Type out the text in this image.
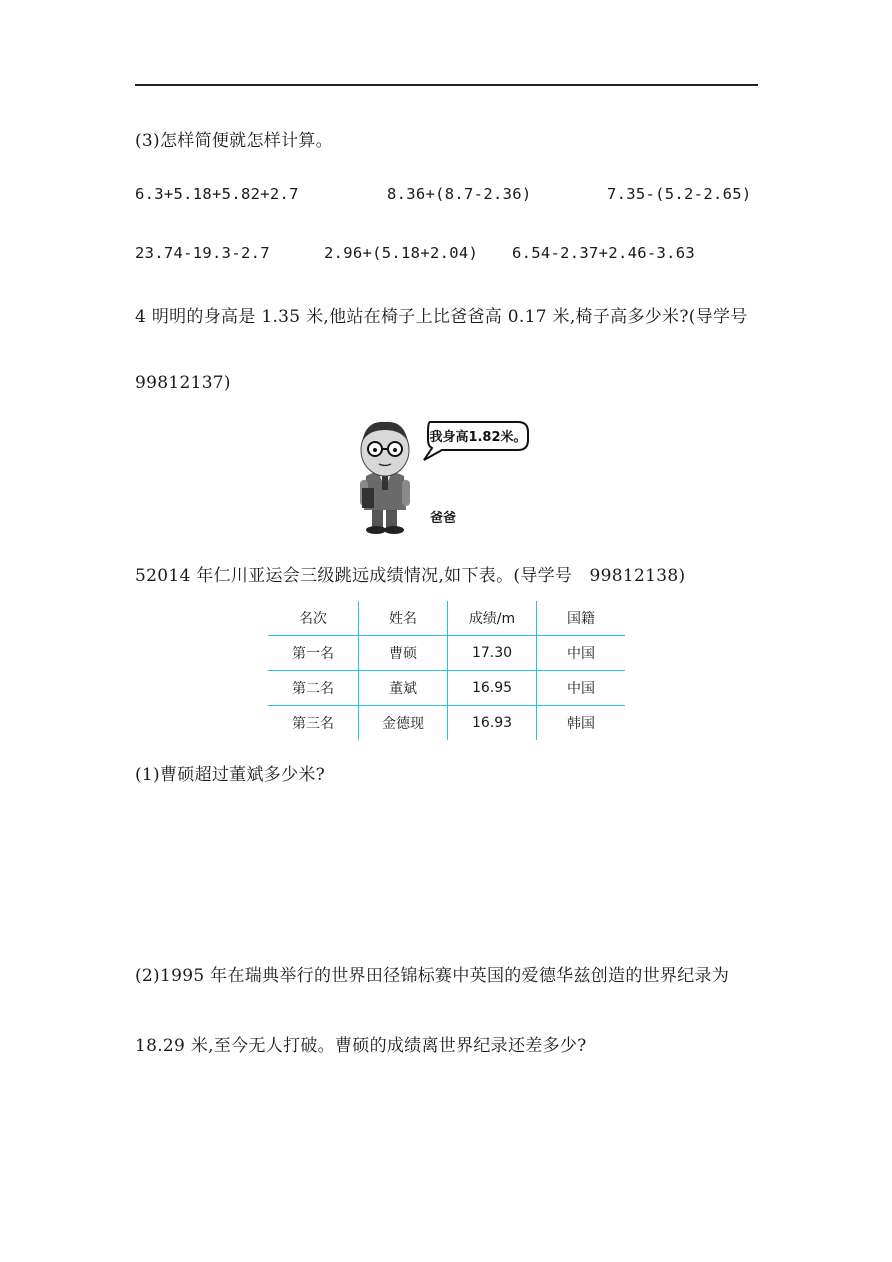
(3)怎样简便就怎样计算。
6.3+5.18+5.82+2.7	8.36+(8.7-2.36)	7.35-(5.2-2.65)
23.74-19.3-2.7	2.96+(5.18+2.04) 6.54-2.37+2.46-3.63
4 明明的身高是 1.35 米,他站在椅子上比爸爸高 0.17 米,椅子高多少米?(导学号
99812137)
我身高1.82米。
爸爸
52014 年仁川亚运会三级跳远成绩情况,如下表。(导学号　99812138)
名次	姓名	成绩/m	国籍
第一名	曹硕	17.30	中国
第二名	董斌	16.95	中国
第三名	金德现	16.93	韩国
(1)曹硕超过董斌多少米?
(2)1995 年在瑞典举行的世界田径锦标赛中英国的爱德华兹创造的世界纪录为
18.29 米,至今无人打破。曹硕的成绩离世界纪录还差多少?
